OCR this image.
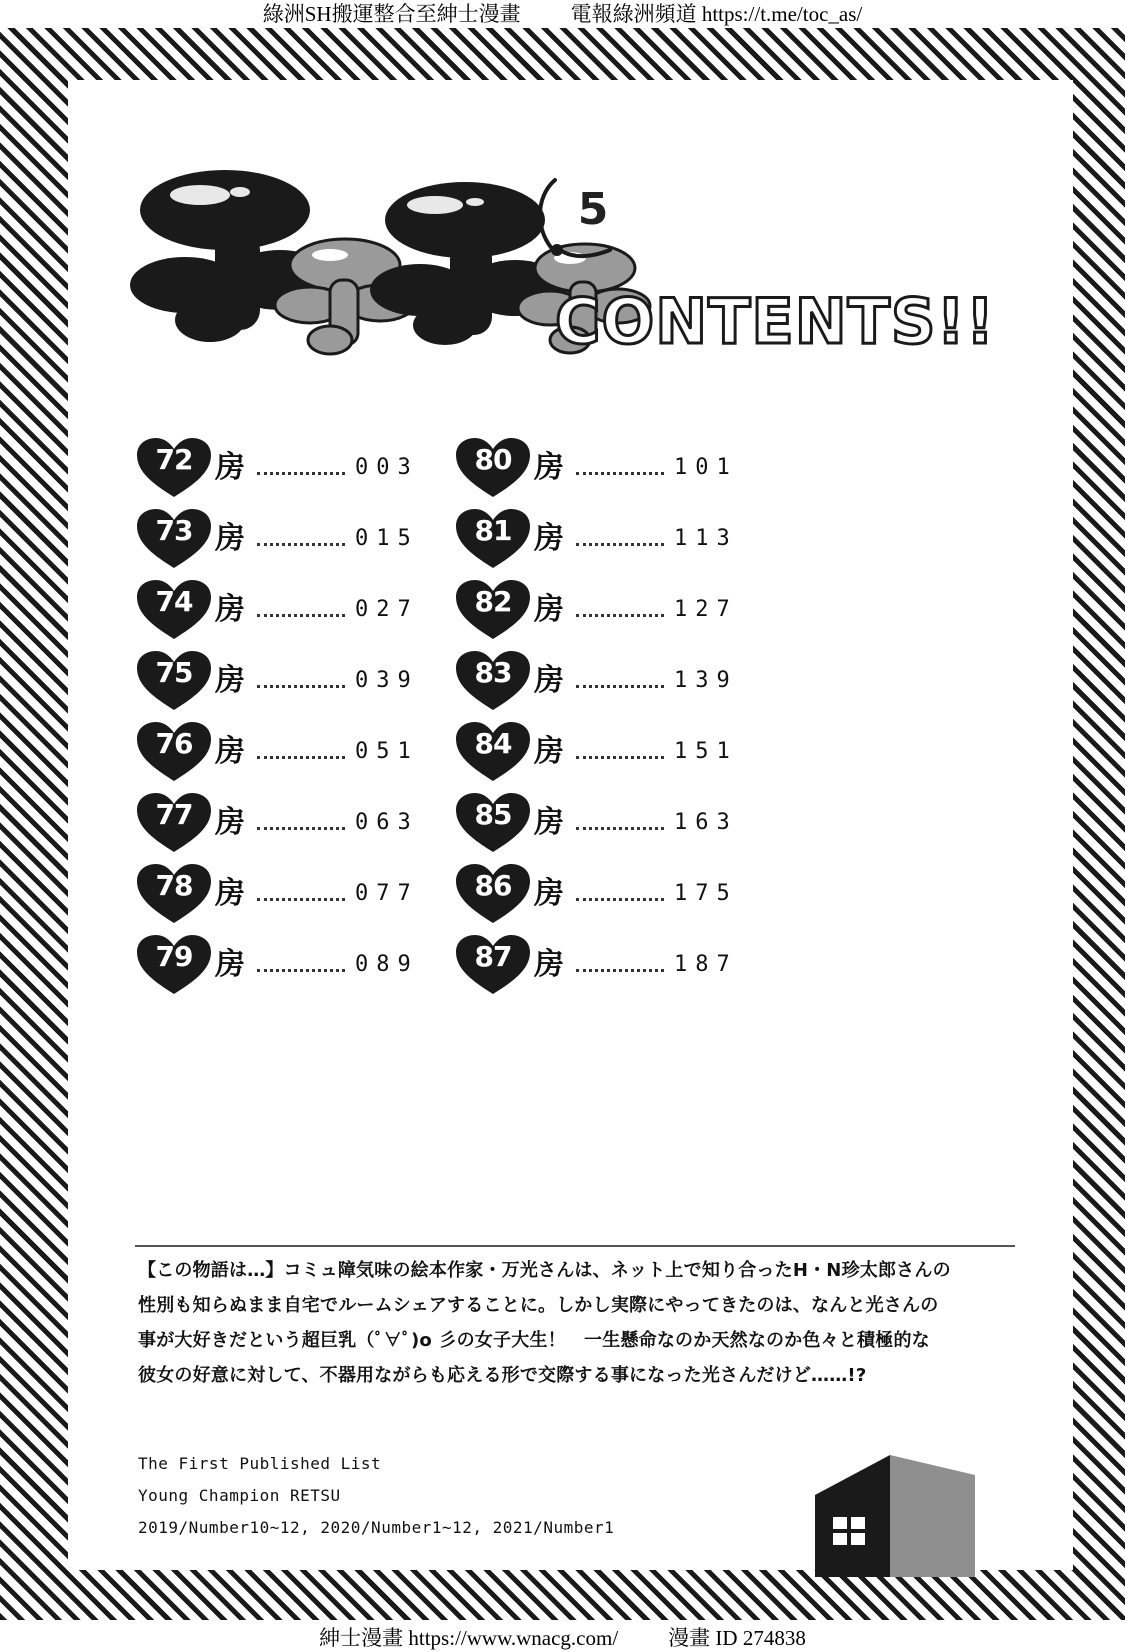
綠洲SH搬運整合至紳士漫畫 電報綠洲頻道 https://t.me/toc_as/
5
CONTENTS!!
72 房	003
73 房	015
74 房	027
75 房	039
76 房	051
77 房	063
78 房	077
79 房	089
80 房	101
81 房	113
82 房	127
83 房	139
84 房	151
85 房	163
86 房	175
87 房	187
【この物語は…】コミュ障気味の絵本作家・万光さんは、ネット上で知り合ったH・N珍太郎さんの
性別も知らぬまま自宅でルームシェアすることに。しかし実際にやってきたのは、なんと光さんの
事が大好きだという超巨乳（ﾟ∀ﾟ)o 彡の女子大生！　一生懸命なのか天然なのか色々と積極的な
彼女の好意に対して、不器用ながらも応える形で交際する事になった光さんだけど……!?
The First Published List
Young Champion RETSU
2019/Number10~12, 2020/Number1~12, 2021/Number1
紳士漫畫 https://www.wnacg.com/ 漫畫 ID 274838
